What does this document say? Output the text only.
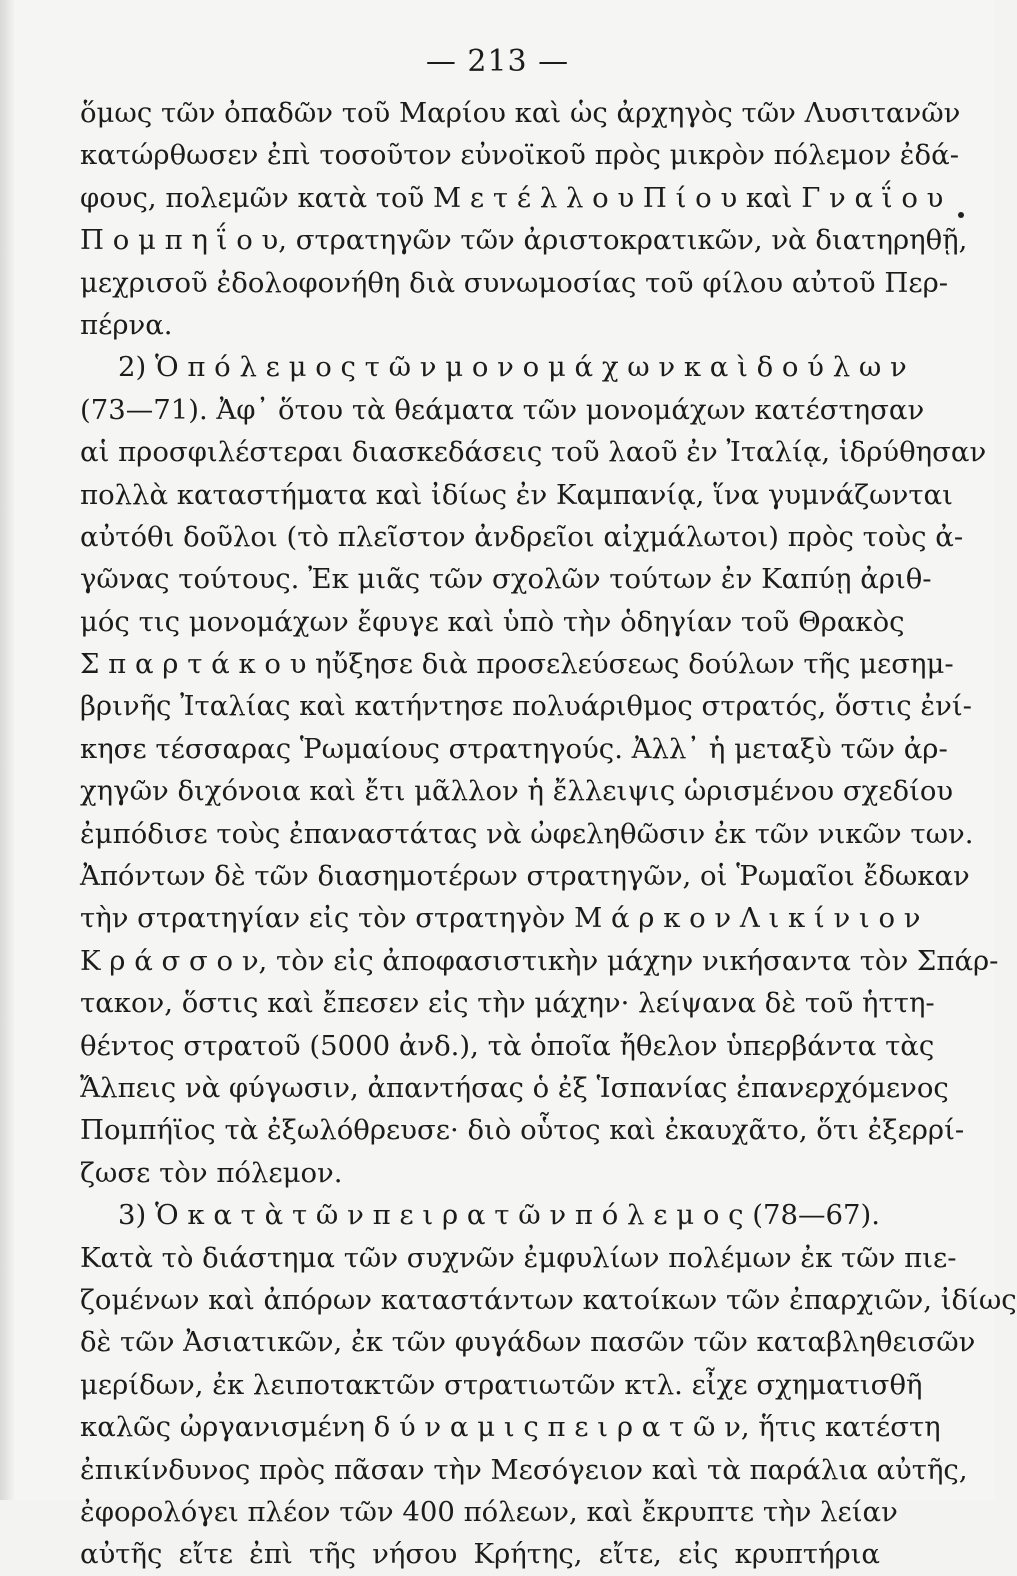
— 213 —
ὅμως τῶν ὀπαδῶν τοῦ Μαρίου καὶ ὡς ἀρχηγὸς τῶν Λυσιτανῶν
κατώρθωσεν ἐπὶ τοσοῦτον εὐνοϊκοῦ πρὸς μικρὸν πόλεμον ἐδά-
φους, πολεμῶν κατὰ τοῦ Μ ε τ έ λ λ ο υ Π ί ο υ καὶ Γ ν α ΐ ο υ
Π ο μ π η ΐ ο υ, στρατηγῶν τῶν ἀριστοκρατικῶν, νὰ διατηρηθῇ,
μεχρισοῦ ἐδολοφονήθη διὰ συνωμοσίας τοῦ φίλου αὐτοῦ Περ-
πέρνα.
2) Ὁ π ό λ ε μ ο ς τ ῶ ν μ ο ν ο μ ά χ ω ν κ α ὶ δ ο ύ λ ω ν
(73—71). Ἀφ᾽ ὅτου τὰ θεάματα τῶν μονομάχων κατέστησαν
αἱ προσφιλέστεραι διασκεδάσεις τοῦ λαοῦ ἐν Ἰταλίᾳ, ἱδρύθησαν
πολλὰ καταστήματα καὶ ἰδίως ἐν Καμπανίᾳ, ἵνα γυμνάζωνται
αὐτόθι δοῦλοι (τὸ πλεῖστον ἀνδρεῖοι αἰχμάλωτοι) πρὸς τοὺς ἀ-
γῶνας τούτους. Ἐκ μιᾶς τῶν σχολῶν τούτων ἐν Καπύῃ ἀριθ-
μός τις μονομάχων ἔφυγε καὶ ὑπὸ τὴν ὁδηγίαν τοῦ Θρακὸς
Σ π α ρ τ ά κ ο υ ηὔξησε διὰ προσελεύσεως δούλων τῆς μεσημ-
βρινῆς Ἰταλίας καὶ κατήντησε πολυάριθμος στρατός, ὅστις ἐνί-
κησε τέσσαρας Ῥωμαίους στρατηγούς. Ἀλλ᾽ ἡ μεταξὺ τῶν ἀρ-
χηγῶν διχόνοια καὶ ἔτι μᾶλλον ἡ ἔλλειψις ὡρισμένου σχεδίου
ἐμπόδισε τοὺς ἐπαναστάτας νὰ ὠφεληθῶσιν ἐκ τῶν νικῶν των.
Ἀπόντων δὲ τῶν διασημοτέρων στρατηγῶν, οἱ Ῥωμαῖοι ἔδωκαν
τὴν στρατηγίαν εἰς τὸν στρατηγὸν Μ ά ρ κ ο ν Λ ι κ ί ν ι ο ν
Κ ρ ά σ σ ο ν, τὸν εἰς ἀποφασιστικὴν μάχην νικήσαντα τὸν Σπάρ-
τακον, ὅστις καὶ ἔπεσεν εἰς τὴν μάχην· λείψανα δὲ τοῦ ἡττη-
θέντος στρατοῦ (5000 ἀνδ.), τὰ ὁποῖα ἤθελον ὑπερβάντα τὰς
Ἄλπεις νὰ φύγωσιν, ἀπαντήσας ὁ ἐξ Ἱσπανίας ἐπανερχόμενος
Πομπήϊος τὰ ἐξωλόθρευσε· διὸ οὗτος καὶ ἐκαυχᾶτο, ὅτι ἐξερρί-
ζωσε τὸν πόλεμον.
3) Ὁ κ α τ ὰ τ ῶ ν π ε ι ρ α τ ῶ ν π ό λ ε μ ο ς (78—67).
Κατὰ τὸ διάστημα τῶν συχνῶν ἐμφυλίων πολέμων ἐκ τῶν πιε-
ζομένων καὶ ἀπόρων καταστάντων κατοίκων τῶν ἐπαρχιῶν, ἰδίως
δὲ τῶν Ἀσιατικῶν, ἐκ τῶν φυγάδων πασῶν τῶν καταβληθεισῶν
μερίδων, ἐκ λειποτακτῶν στρατιωτῶν κτλ. εἶχε σχηματισθῆ
καλῶς ὠργανισμένη δ ύ ν α μ ι ς π ε ι ρ α τ ῶ ν, ἥτις κατέστη
ἐπικίνδυνος πρὸς πᾶσαν τὴν Μεσόγειον καὶ τὰ παράλια αὐτῆς,
ἐφορολόγει πλέον τῶν 400 πόλεων, καὶ ἔκρυπτε τὴν λείαν
αὐτῆς εἴτε ἐπὶ τῆς νήσου Κρήτης, εἴτε, εἰς κρυπτήρια
